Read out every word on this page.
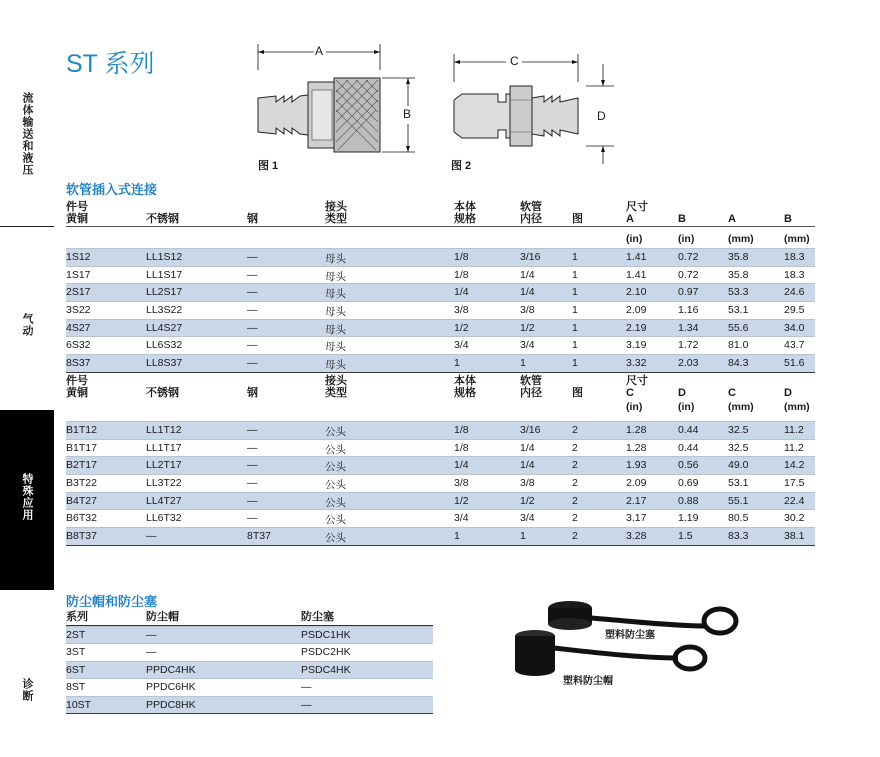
流体输送和液压
气动
特殊应用
诊断
ST 系列	A
B
图 1
C
D
图 2
软管插入式连接
件号
黄铜	不锈钢	钢
接头
类型
本体
规格
软管
内径	图
尺寸
A	B	A	B
(in)	(in)	(mm)	(mm)
1S12	LL1S12	—	母头	1/8	3/16	1	1.41	0.72	35.8	18.3
1S17	LL1S17	—	母头	1/8	1/4	1	1.41	0.72	35.8	18.3
2S17	LL2S17	—	母头	1/4	1/4	1	2.10	0.97	53.3	24.6
3S22	LL3S22	—	母头	3/8	3/8	1	2.09	1.16	53.1	29.5
4S27	LL4S27	—	母头	1/2	1/2	1	2.19	1.34	55.6	34.0
6S32	LL6S32	—	母头	3/4	3/4	1	3.19	1.72	81.0	43.7
8S37	LL8S37	—	母头	1	1	1	3.32	2.03	84.3	51.6
件号
黄铜	不锈钢	钢
接头
类型
本体
规格
软管
内径	图
尺寸
C	D	C	D
(in)	(in)	(mm)	(mm)
B1T12	LL1T12	—	公头	1/8	3/16	2	1.28	0.44	32.5	11.2
B1T17	LL1T17	—	公头	1/8	1/4	2	1.28	0.44	32.5	11.2
B2T17	LL2T17	—	公头	1/4	1/4	2	1.93	0.56	49.0	14.2
B3T22	LL3T22	—	公头	3/8	3/8	2	2.09	0.69	53.1	17.5
B4T27	LL4T27	—	公头	1/2	1/2	2	2.17	0.88	55.1	22.4
B6T32	LL6T32	—	公头	3/4	3/4	2	3.17	1.19	80.5	30.2
B8T37	—	8T37	公头	1	1	2	3.28	1.5	83.3	38.1
防尘帽和防尘塞
系列	防尘帽	防尘塞
2ST	—	PSDC1HK
3ST	—	PSDC2HK
6ST	PPDC4HK	PSDC4HK
8ST	PPDC6HK	—
10ST	PPDC8HK	—
塑料防尘塞
塑料防尘帽
